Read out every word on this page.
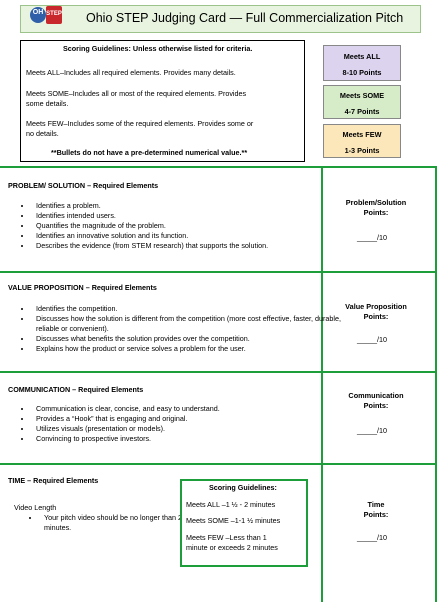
OH STEP Ohio STEP Judging Card — Full Commercialization Pitch
Scoring Guidelines: Unless otherwise listed for criteria.
Meets ALL–Includes all required elements. Provides many details.
Meets SOME–Includes all or most of the required elements. Provides
some details.
Meets FEW–Includes some of the required elements. Provides some or
no details.
**Bullets do not have a pre-determined numerical value.**
Meets ALL
8-10 Points
Meets SOME
4-7 Points
Meets FEW
1-3 Points
PROBLEM/ SOLUTION – Required Elements
• Identifies a problem.
• Identifies intended users.
• Quantifies the magnitude of the problem.
• Identifies an innovative solution and its function.
• Describes the evidence (from STEM research) that supports the solution.
Problem/Solution
Points:
_____/10
VALUE PROPOSITION – Required Elements
• Identifies the competition.
• Discusses how the solution is different from the competition (more cost effective, faster, durable, reliable or convenient).
• Discusses what benefits the solution provides over the competition.
• Explains how the product or service solves a problem for the user.
Value Proposition
Points:
_____/10
COMMUNICATION – Required Elements
• Communication is clear, concise, and easy to understand.
• Provides a “Hook” that is engaging and original.
• Utilizes visuals (presentation or models).
• Convincing to prospective investors.
Communication
Points:
_____/10
TIME – Required Elements
Video Length
• Your pitch video should be no longer than 2 minutes.
Time
Points:
_____/10
Scoring Guidelines:
Meets ALL –1 ½ - 2 minutes
Meets SOME –1-1 ½ minutes
Meets FEW –Less than 1
minute or exceeds 2 minutes
